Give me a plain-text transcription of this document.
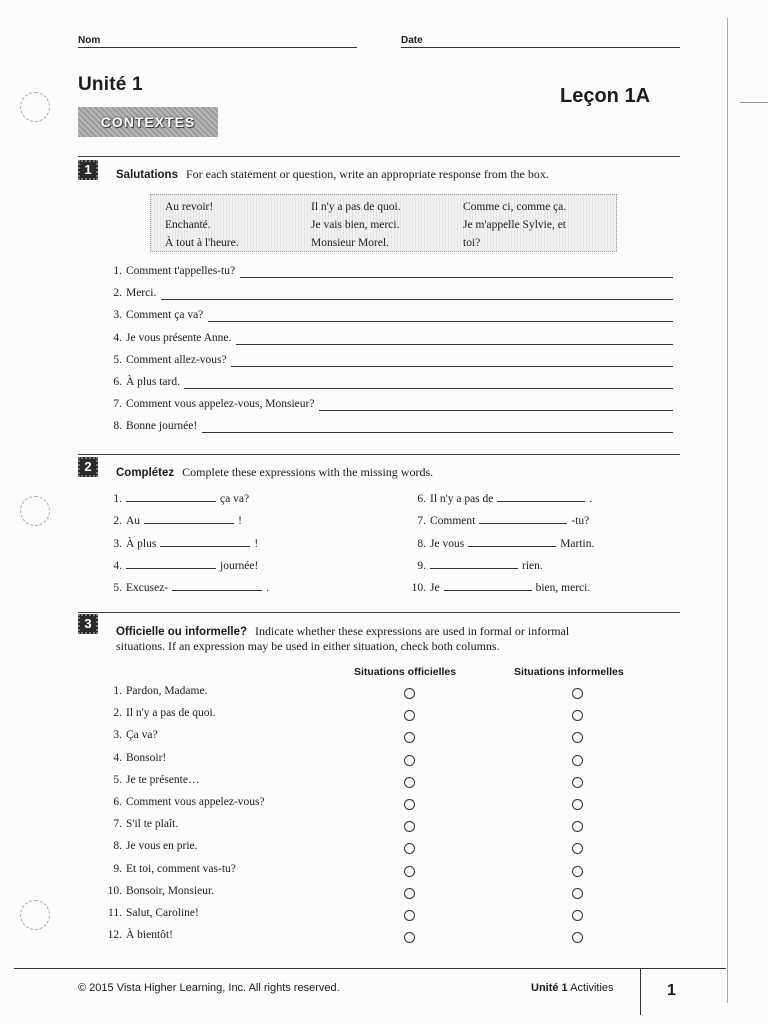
Nom	Date
Unité 1
Leçon 1A
CONTEXTES
1	Salutations For each statement or question, write an appropriate response from the box.
Au revoir!
Enchanté.
À tout à l'heure.
Il n'y a pas de quoi.
Je vais bien, merci.
Monsieur Morel.
Comme ci, comme ça.
Je m'appelle Sylvie, et
toi?
1. Comment t'appelles-tu?
2. Merci.
3. Comment ça va?
4. Je vous présente Anne.
5. Comment allez-vous?
6. À plus tard.
7. Comment vous appelez-vous, Monsieur?
8. Bonne journée!
2	Complétez Complete these expressions with the missing words.
1.	ça va?
2. Au	!
3. À plus	!
4.	journée!
5. Excusez-	.
6. Il n'y a pas de	.
7. Comment	-tu?
8. Je vous	Martin.
9.	rien.
10. Je	bien, merci.
3
Officielle ou informelle? Indicate whether these expressions are used in formal or informal
situations. If an expression may be used in either situation, check both columns.
Situations officielles	Situations informelles
1. Pardon, Madame.
2. Il n'y a pas de quoi.
3. Ça va?
4. Bonsoir!
5. Je te présente…
6. Comment vous appelez-vous?
7. S'il te plaît.
8. Je vous en prie.
9. Et toi, comment vas-tu?
10. Bonsoir, Monsieur.
11. Salut, Caroline!
12. À bientôt!
© 2015 Vista Higher Learning, Inc. All rights reserved.	Unité 1 Activities	1
